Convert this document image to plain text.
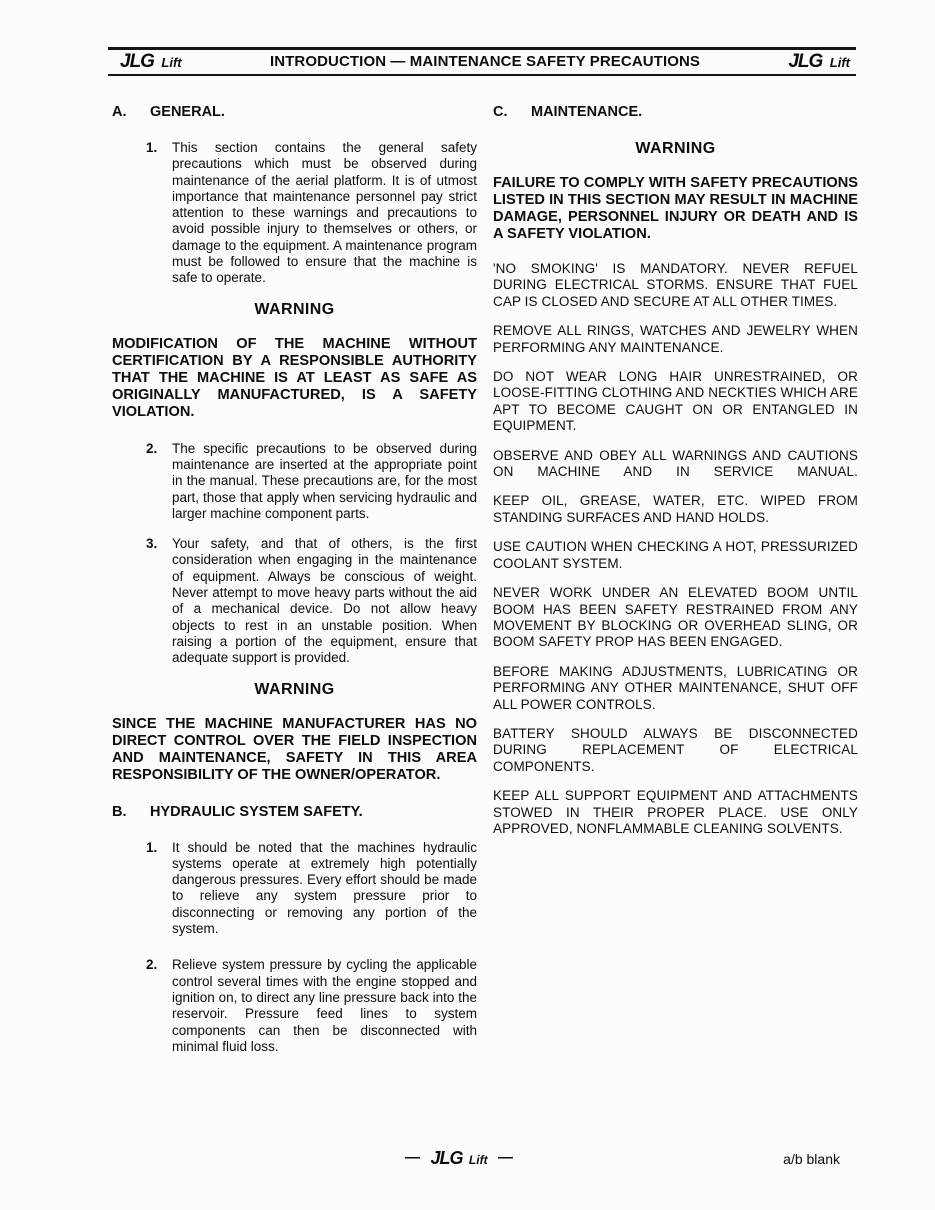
JLG Lift	INTRODUCTION — MAINTENANCE SAFETY PRECAUTIONS	JLG Lift
A.	GENERAL.
1.	This section contains the general safety precautions which must be observed during maintenance of the aerial platform. It is of utmost importance that maintenance personnel pay strict attention to these warnings and precautions to avoid possible injury to themselves or others, or damage to the equipment. A maintenance program must be followed to ensure that the machine is safe to operate.
WARNING
MODIFICATION OF THE MACHINE WITHOUT CERTIFICATION BY A RESPONSIBLE AUTHORITY THAT THE MACHINE IS AT LEAST AS SAFE AS ORIGINALLY MANUFACTURED, IS A SAFETY VIOLATION.
2.	The specific precautions to be observed during maintenance are inserted at the appropriate point in the manual. These precautions are, for the most part, those that apply when servicing hydraulic and larger machine component parts.
3.	Your safety, and that of others, is the first consideration when engaging in the maintenance of equipment. Always be conscious of weight. Never attempt to move heavy parts without the aid of a mechanical device. Do not allow heavy objects to rest in an unstable position. When raising a portion of the equipment, ensure that adequate support is provided.
WARNING
SINCE THE MACHINE MANUFACTURER HAS NO DIRECT CONTROL OVER THE FIELD INSPECTION AND MAINTENANCE, SAFETY IN THIS AREA RESPONSIBILITY OF THE OWNER/OPERATOR.
B.	HYDRAULIC SYSTEM SAFETY.
1.	It should be noted that the machines hydraulic systems operate at extremely high potentially dangerous pressures. Every effort should be made to relieve any system pressure prior to disconnecting or removing any portion of the system.
2.	Relieve system pressure by cycling the applicable control several times with the engine stopped and ignition on, to direct any line pressure back into the reservoir. Pressure feed lines to system components can then be disconnected with minimal fluid loss.
C.	MAINTENANCE.
WARNING
FAILURE TO COMPLY WITH SAFETY PRECAUTIONS LISTED IN THIS SECTION MAY RESULT IN MACHINE DAMAGE, PERSONNEL INJURY OR DEATH AND IS A SAFETY VIOLATION.

'NO SMOKING' IS MANDATORY. NEVER REFUEL DURING ELECTRICAL STORMS. ENSURE THAT FUEL CAP IS CLOSED AND SECURE AT ALL OTHER TIMES.

REMOVE ALL RINGS, WATCHES AND JEWELRY WHEN PERFORMING ANY MAINTENANCE.

DO NOT WEAR LONG HAIR UNRESTRAINED, OR LOOSE-FITTING CLOTHING AND NECKTIES WHICH ARE APT TO BECOME CAUGHT ON OR ENTANGLED IN EQUIPMENT.

OBSERVE AND OBEY ALL WARNINGS AND CAUTIONS ON MACHINE AND IN SERVICE MANUAL.

KEEP OIL, GREASE, WATER, ETC. WIPED FROM STANDING SURFACES AND HAND HOLDS.

USE CAUTION WHEN CHECKING A HOT, PRESSURIZED COOLANT SYSTEM.

NEVER WORK UNDER AN ELEVATED BOOM UNTIL BOOM HAS BEEN SAFETY RESTRAINED FROM ANY MOVEMENT BY BLOCKING OR OVERHEAD SLING, OR BOOM SAFETY PROP HAS BEEN ENGAGED.

BEFORE MAKING ADJUSTMENTS, LUBRICATING OR PERFORMING ANY OTHER MAINTENANCE, SHUT OFF ALL POWER CONTROLS.

BATTERY SHOULD ALWAYS BE DISCONNECTED DURING REPLACEMENT OF ELECTRICAL COMPONENTS.

KEEP ALL SUPPORT EQUIPMENT AND ATTACHMENTS STOWED IN THEIR PROPER PLACE. USE ONLY APPROVED, NONFLAMMABLE CLEANING SOLVENTS.

— JLG Lift —	a/b blank
